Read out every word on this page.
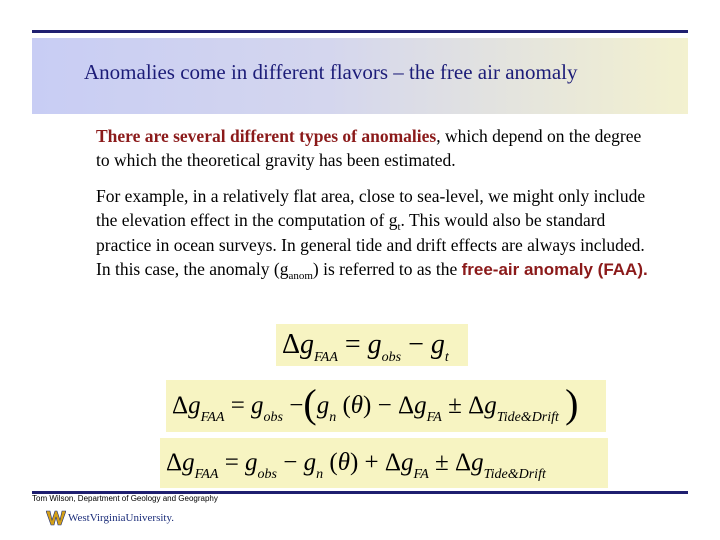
Anomalies come in different flavors – the free air anomaly
There are several different types of anomalies, which depend on the degree to which the theoretical gravity has been estimated.
For example, in a relatively flat area, close to sea-level, we might only include the elevation effect in the computation of $g_t$. This would also be standard practice in ocean surveys. In general tide and drift effects are always included. In this case, the anomaly $(g_{anom})$ is referred to as the free-air anomaly (FAA).
$\Delta g_{FAA} = g_{obs} - g_t$
$\Delta g_{FAA} = g_{obs} -(g_n$ $(\theta) - \Delta g_{FA} \pm \Delta g_{Tide\&Drift}$ )
$\Delta g_{FAA} = g_{obs} - g_n$ $(\theta) + \Delta g_{FA} \pm \Delta g_{Tide\&Drift}$
Tom Wilson, Department of Geology and Geography
WestVirginiaUniversity.
